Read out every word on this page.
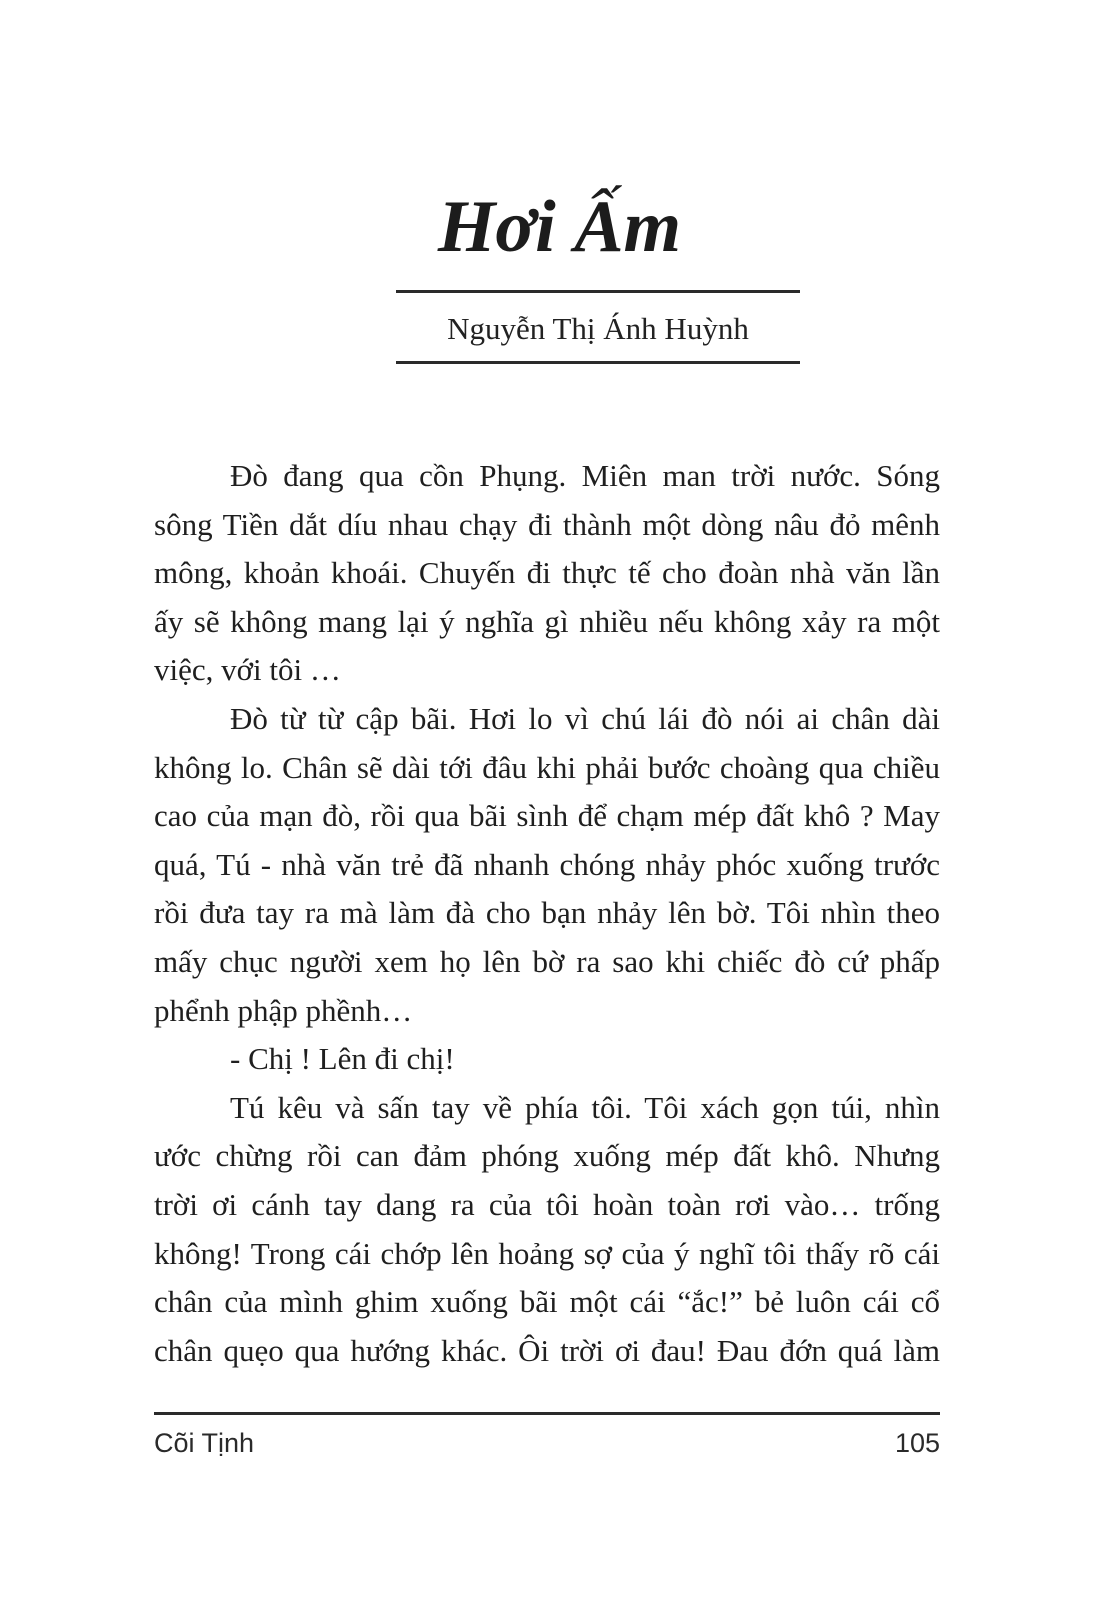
Hơi Ấm
Nguyễn Thị Ánh Huỳnh
Đò đang qua cồn Phụng. Miên man trời nước. Sóng
sông Tiền dắt díu nhau chạy đi thành một dòng nâu đỏ mênh
mông, khoản khoái. Chuyến đi thực tế cho đoàn nhà văn lần
ấy sẽ không mang lại ý nghĩa gì nhiều nếu không xảy ra một
việc, với tôi …
Đò từ từ cập bãi. Hơi lo vì chú lái đò nói ai chân dài
không lo. Chân sẽ dài tới đâu khi phải bước choàng qua chiều
cao của mạn đò, rồi qua bãi sình để chạm mép đất khô ? May
quá, Tú - nhà văn trẻ đã nhanh chóng nhảy phóc xuống trước
rồi đưa tay ra mà làm đà cho bạn nhảy lên bờ. Tôi nhìn theo
mấy chục người xem họ lên bờ ra sao khi chiếc đò cứ phấp
phểnh phập phềnh…
- Chị ! Lên đi chị!
Tú kêu và sấn tay về phía tôi. Tôi xách gọn túi, nhìn
ước chừng rồi can đảm phóng xuống mép đất khô. Nhưng
trời ơi cánh tay dang ra của tôi hoàn toàn rơi vào… trống
không! Trong cái chớp lên hoảng sợ của ý nghĩ tôi thấy rõ cái
chân của mình ghim xuống bãi một cái “ắc!” bẻ luôn cái cổ
chân quẹo qua hướng khác. Ôi trời ơi đau! Đau đớn quá làm
Cõi Tịnh	105
